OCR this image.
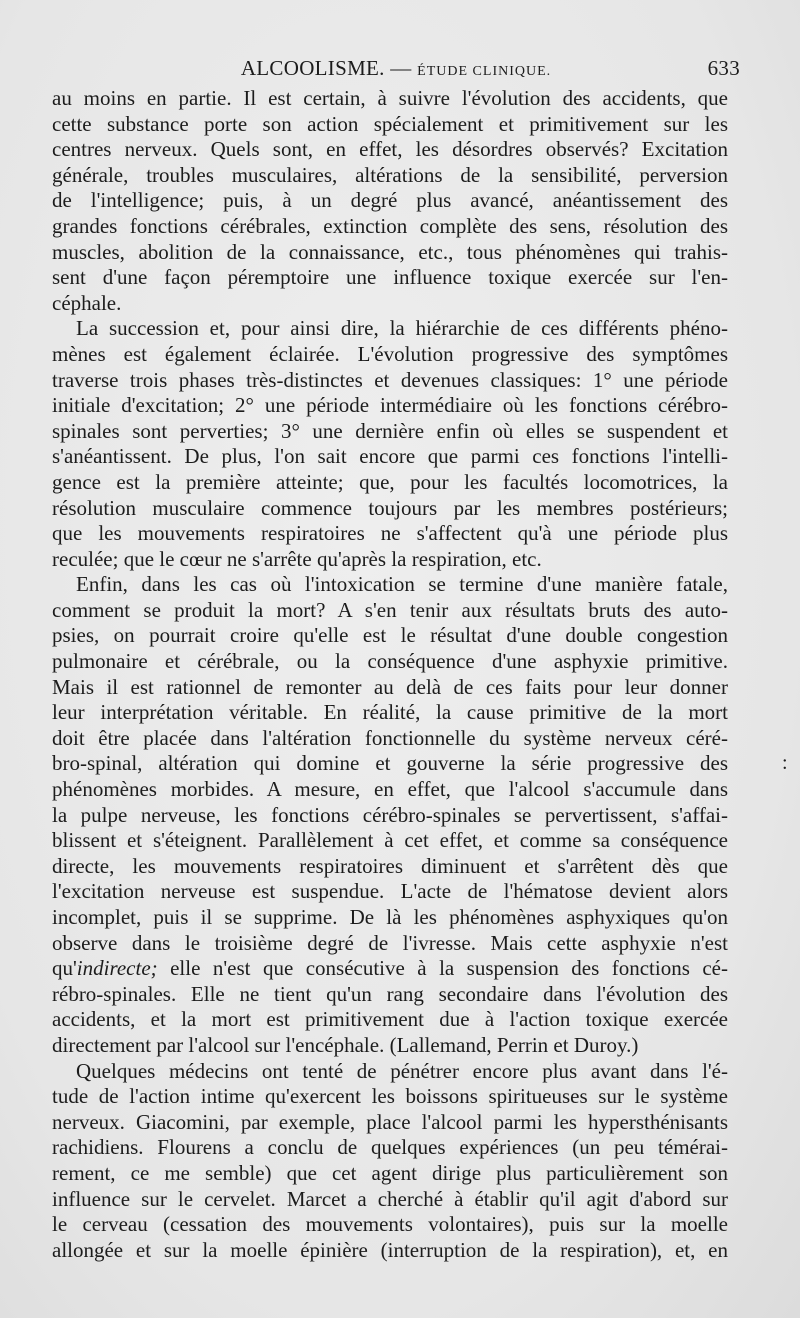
ALCOOLISME. — ÉTUDE CLINIQUE.	633
au moins en partie. Il est certain, à suivre l'évolution des accidents, que
cette substance porte son action spécialement et primitivement sur les
centres nerveux. Quels sont, en effet, les désordres observés? Excitation
générale, troubles musculaires, altérations de la sensibilité, perversion
de l'intelligence; puis, à un degré plus avancé, anéantissement des
grandes fonctions cérébrales, extinction complète des sens, résolution des
muscles, abolition de la connaissance, etc., tous phénomènes qui trahis-
sent d'une façon péremptoire une influence toxique exercée sur l'en-
céphale.
La succession et, pour ainsi dire, la hiérarchie de ces différents phéno-
mènes est également éclairée. L'évolution progressive des symptômes
traverse trois phases très-distinctes et devenues classiques: 1° une période
initiale d'excitation; 2° une période intermédiaire où les fonctions cérébro-
spinales sont perverties; 3° une dernière enfin où elles se suspendent et
s'anéantissent. De plus, l'on sait encore que parmi ces fonctions l'intelli-
gence est la première atteinte; que, pour les facultés locomotrices, la
résolution musculaire commence toujours par les membres postérieurs;
que les mouvements respiratoires ne s'affectent qu'à une période plus
reculée; que le cœur ne s'arrête qu'après la respiration, etc.
Enfin, dans les cas où l'intoxication se termine d'une manière fatale,
comment se produit la mort? A s'en tenir aux résultats bruts des auto-
psies, on pourrait croire qu'elle est le résultat d'une double congestion
pulmonaire et cérébrale, ou la conséquence d'une asphyxie primitive.
Mais il est rationnel de remonter au delà de ces faits pour leur donner
leur interprétation véritable. En réalité, la cause primitive de la mort
doit être placée dans l'altération fonctionnelle du système nerveux céré-
bro-spinal, altération qui domine et gouverne la série progressive des
phénomènes morbides. A mesure, en effet, que l'alcool s'accumule dans
la pulpe nerveuse, les fonctions cérébro-spinales se pervertissent, s'affai-
blissent et s'éteignent. Parallèlement à cet effet, et comme sa conséquence
directe, les mouvements respiratoires diminuent et s'arrêtent dès que
l'excitation nerveuse est suspendue. L'acte de l'hématose devient alors
incomplet, puis il se supprime. De là les phénomènes asphyxiques qu'on
observe dans le troisième degré de l'ivresse. Mais cette asphyxie n'est
qu'indirecte; elle n'est que consécutive à la suspension des fonctions cé-
rébro-spinales. Elle ne tient qu'un rang secondaire dans l'évolution des
accidents, et la mort est primitivement due à l'action toxique exercée
directement par l'alcool sur l'encéphale. (Lallemand, Perrin et Duroy.)
Quelques médecins ont tenté de pénétrer encore plus avant dans l'é-
tude de l'action intime qu'exercent les boissons spiritueuses sur le système
nerveux. Giacomini, par exemple, place l'alcool parmi les hypersthénisants
rachidiens. Flourens a conclu de quelques expériences (un peu témérai-
rement, ce me semble) que cet agent dirige plus particulièrement son
influence sur le cervelet. Marcet a cherché à établir qu'il agit d'abord sur
le cerveau (cessation des mouvements volontaires), puis sur la moelle
allongée et sur la moelle épinière (interruption de la respiration), et, en
:
